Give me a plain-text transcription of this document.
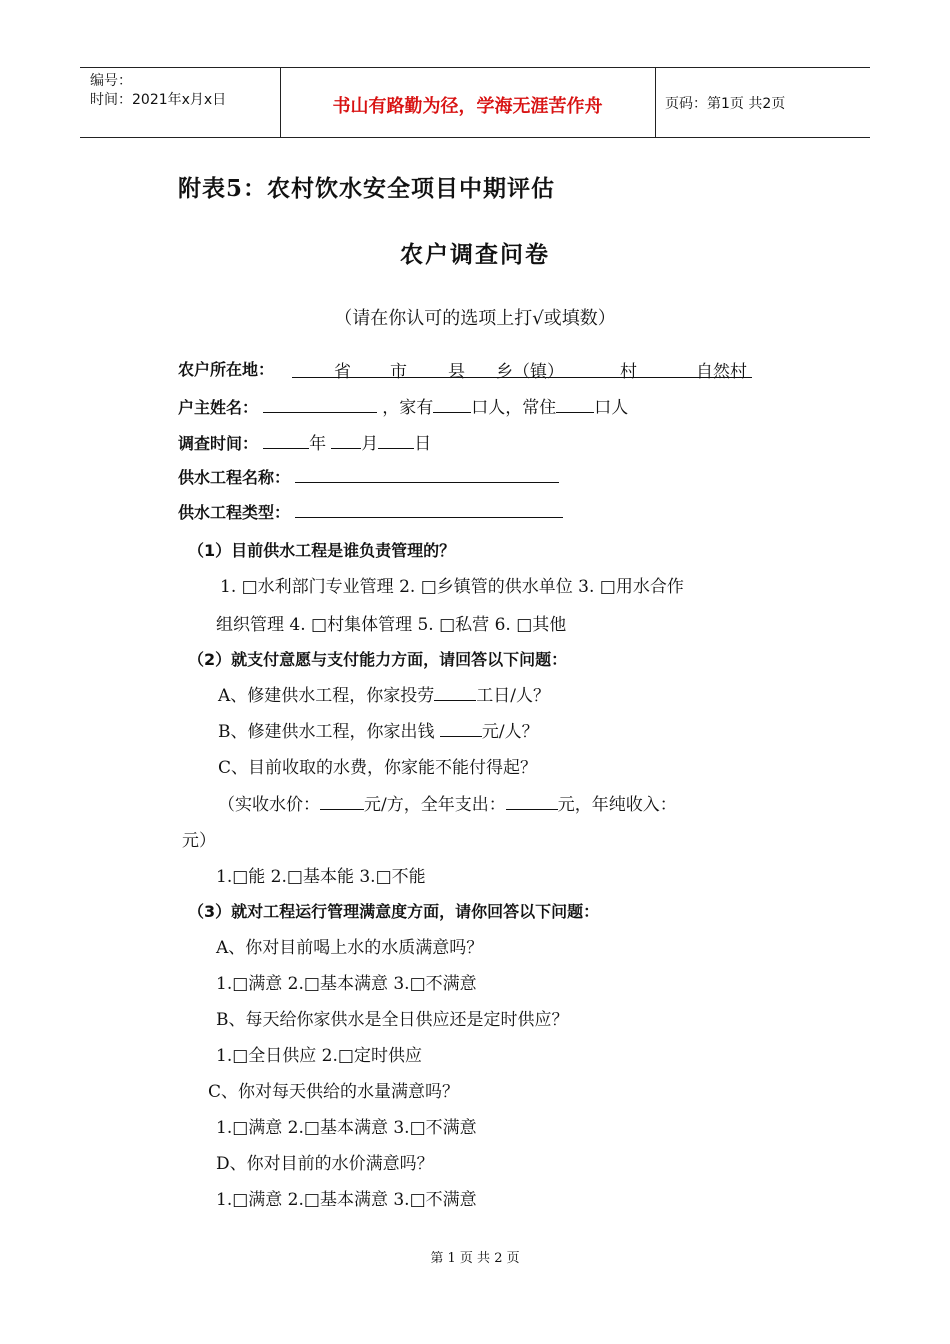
编号：
时间：2021年x月x日	书山有路勤为径，学海无涯苦作舟	页码：第1页 共2页
附表5：农村饮水安全项目中期评估
农户调查问卷
（请在你认可的选项上打√或填数）
农户所在地：	省 市 县 乡（镇）	村	自然村
户主姓名：	，家有 口人，常住 口人
调查时间：	年 月 日
供水工程名称：
供水工程类型：
（1）目前供水工程是谁负责管理的？
1. □水利部门专业管理 2. □乡镇管的供水单位 3. □用水合作
组织管理 4. □村集体管理 5. □私营 6. □其他
（2）就支付意愿与支付能力方面，请回答以下问题：
A、修建供水工程，你家投劳 工日/人？
B、修建供水工程，你家出钱	元/人？
C、目前收取的水费，你家能不能付得起？
（实收水价：	元/方，全年支出：	元，年纯收入：
元）
1.□能 2.□基本能 3.□不能
（3）就对工程运行管理满意度方面，请你回答以下问题：
A、你对目前喝上水的水质满意吗？
1.□满意 2.□基本满意 3.□不满意
B、每天给你家供水是全日供应还是定时供应？
1.□全日供应 2.□定时供应
C、你对每天供给的水量满意吗？
1.□满意 2.□基本满意 3.□不满意
D、你对目前的水价满意吗？
1.□满意 2.□基本满意 3.□不满意
第 1 页 共 2 页
